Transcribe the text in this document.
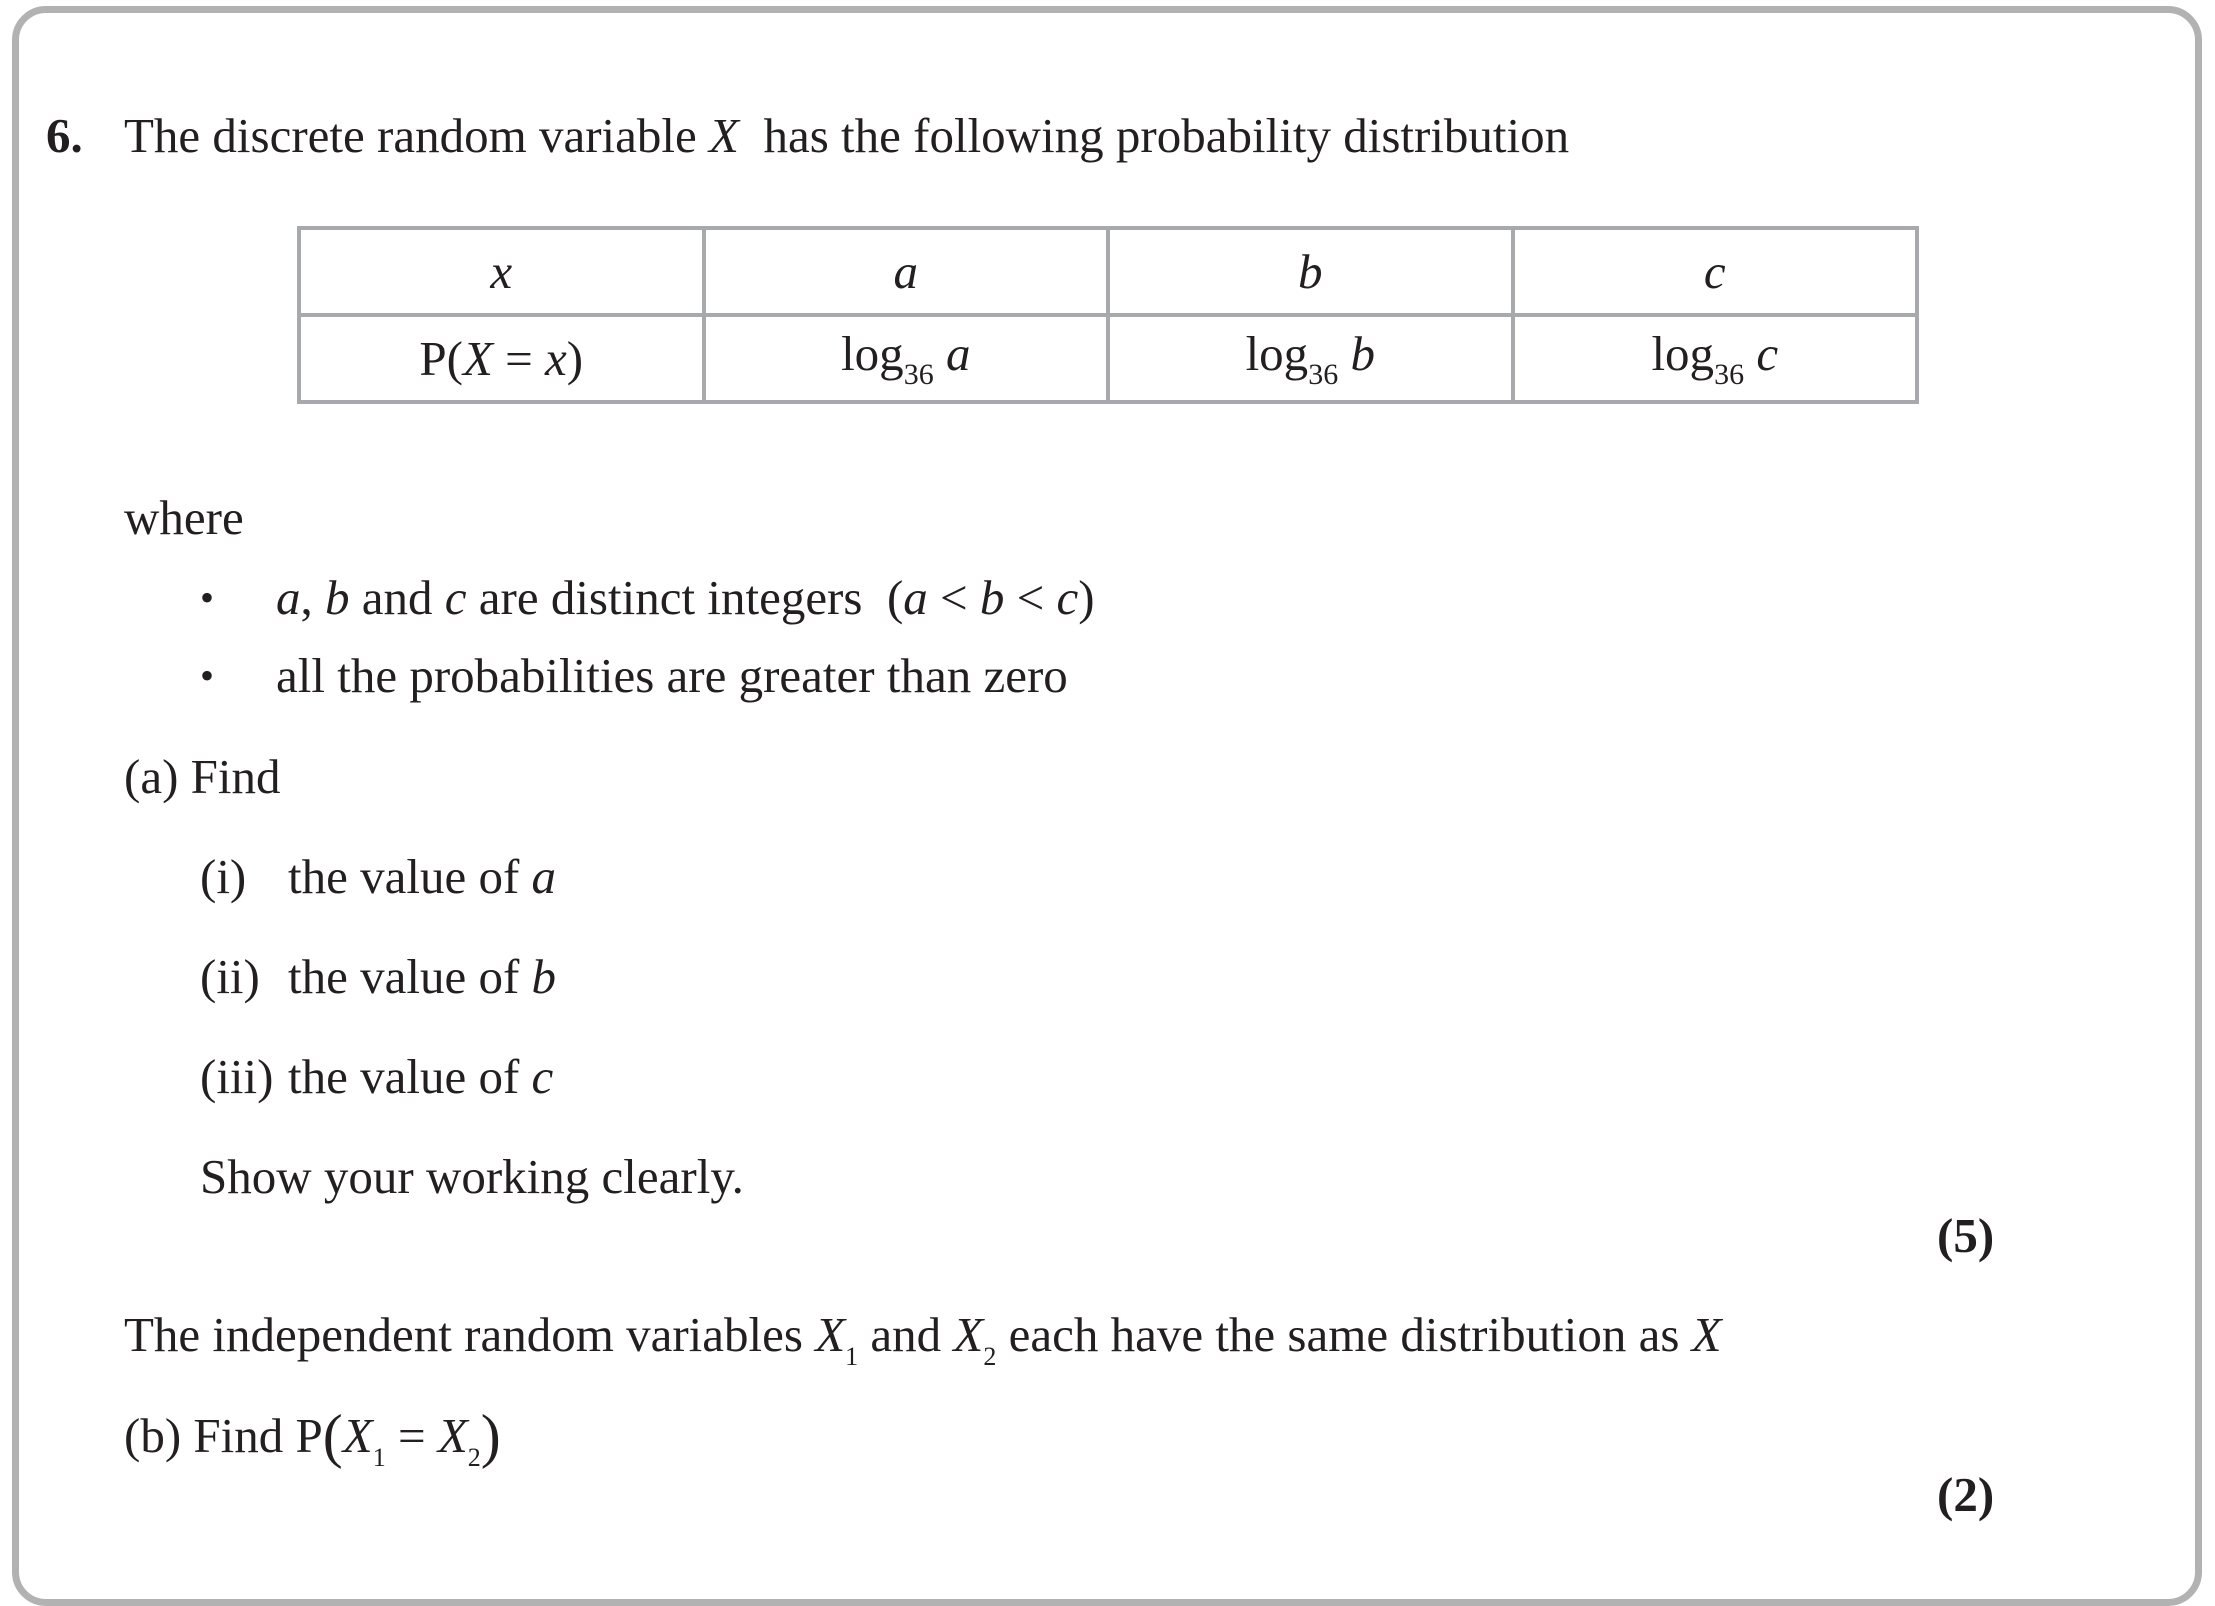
6. The discrete random variable X  has the following probability distribution
x	a	b	c
P(X = x)	$\log_{36} a$	$\log_{36} b$	$\log_{36} c$
where
• a, b and c are distinct integers  (a < b < c)
• all the probabilities are greater than zero
(a) Find
(i) the value of a
(ii) the value of b
(iii) the value of c
Show your working clearly.
(5)
The independent random variables $X_1$ and $X_2$ each have the same distribution as X
(b) Find $P(X_1 = X_2)$
(2)
